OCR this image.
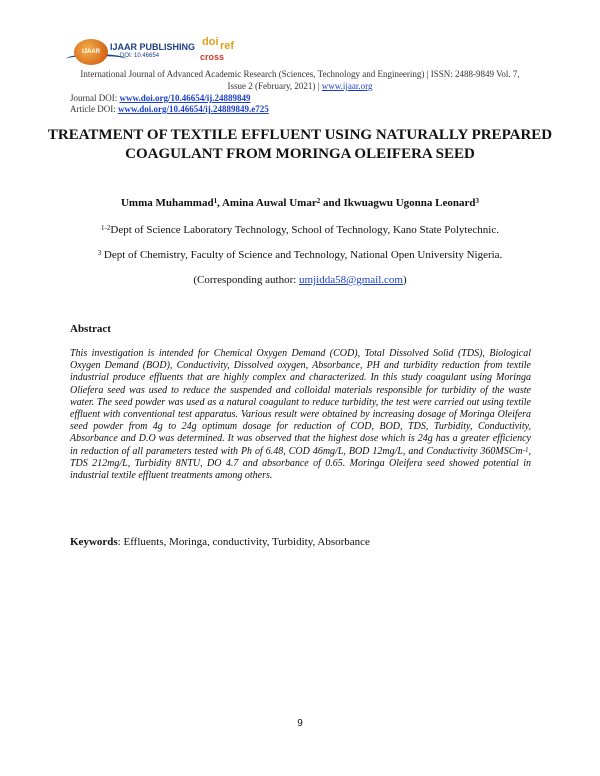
IJAAR	IJAAR PUBLISHING
DOI: 10.46654
doi ref
cross
International Journal of Advanced Academic Research (Sciences, Technology and Engineering) | ISSN: 2488-9849 Vol. 7, Issue 2 (February, 2021) | www.ijaar.org
Journal DOI: www.doi.org/10.46654/ij.24889849
Article DOI: www.doi.org/10.46654/ij.24889849.e725
TREATMENT OF TEXTILE EFFLUENT USING NATURALLY PREPARED COAGULANT FROM MORINGA OLEIFERA SEED
Umma Muhammad$^1$, Amina Auwal Umar$^2$ and Ikwuagwu Ugonna Leonard$^3$
$^{1-2}$Dept of Science Laboratory Technology, School of Technology, Kano State Polytechnic.
$^3$ Dept of Chemistry, Faculty of Science and Technology, National Open University Nigeria.
(Corresponding author: umjidda58@gmail.com)
Abstract
This investigation is intended for Chemical Oxygen Demand (COD), Total Dissolved Solid (TDS), Biological Oxygen Demand (BOD), Conductivity, Dissolved oxygen, Absorbance, PH and turbidity reduction from textile industrial produce effluents that are highly complex and characterized. In this study coagulant using Moringa Oliefera seed was used to reduce the suspended and colloidal materials responsible for turbidity of the waste water. The seed powder was used as a natural coagulant to reduce turbidity, the test were carried out using textile effluent with conventional test apparatus. Various result were obtained by increasing dosage of Moringa Oleifera seed powder from 4g to 24g optimum dosage for reduction of COD, BOD, TDS, Turbidity, Conductivity, Absorbance and D.O was determined. It was observed that the highest dose which is 24g has a greater efficiency in reduction of all parameters tested with Ph of 6.48, COD 46mg/L, BOD 12mg/L, and Conductivity 360MSCm$^{-1}$, TDS 212mg/L, Turbidity 8NTU, DO 4.7 and absorbance of 0.65. Moringa Oleifera seed showed potential in industrial textile effluent treatments among others.
Keywords: Effluents, Moringa, conductivity, Turbidity, Absorbance
9
